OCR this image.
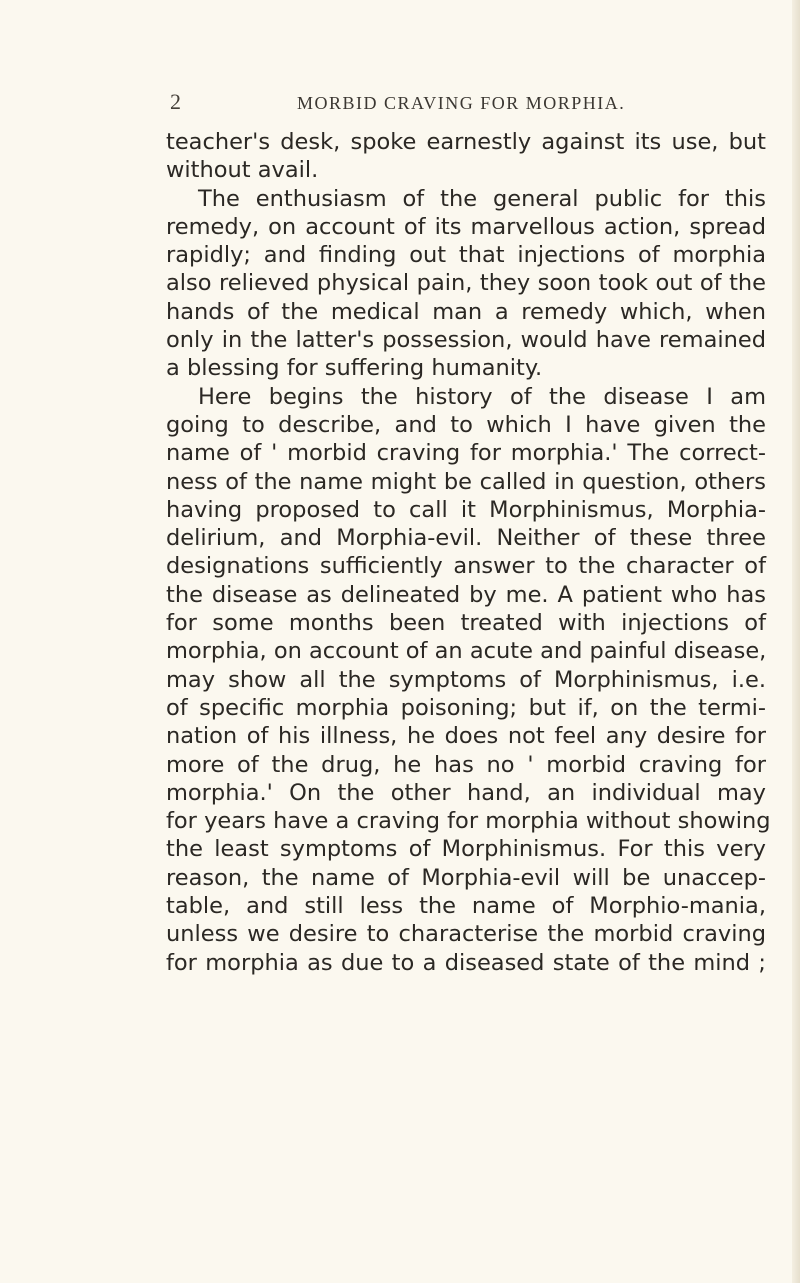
2	MORBID CRAVING FOR MORPHIA.
teacher's desk, spoke earnestly against its use, but
without avail.
The enthusiasm of the general public for this
remedy, on account of its marvellous action, spread
rapidly; and finding out that injections of morphia
also relieved physical pain, they soon took out of the
hands of the medical man a remedy which, when
only in the latter's possession, would have remained
a blessing for suffering humanity.
Here begins the history of the disease I am
going to describe, and to which I have given the
name of ' morbid craving for morphia.' The correct-
ness of the name might be called in question, others
having proposed to call it Morphinismus, Morphia-
delirium, and Morphia-evil. Neither of these three
designations sufficiently answer to the character of
the disease as delineated by me. A patient who has
for some months been treated with injections of
morphia, on account of an acute and painful disease,
may show all the symptoms of Morphinismus, i.e.
of specific morphia poisoning; but if, on the termi-
nation of his illness, he does not feel any desire for
more of the drug, he has no ' morbid craving for
morphia.' On the other hand, an individual may
for years have a craving for morphia without showing
the least symptoms of Morphinismus. For this very
reason, the name of Morphia-evil will be unaccep-
table, and still less the name of Morphio-mania,
unless we desire to characterise the morbid craving
for morphia as due to a diseased state of the mind ;
